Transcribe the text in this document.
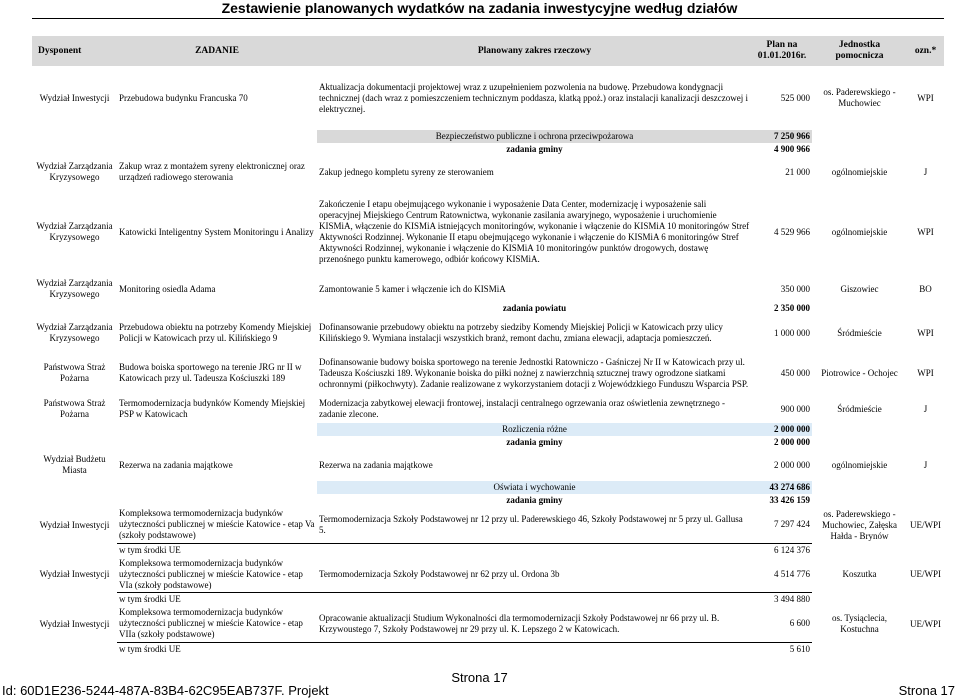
Zestawienie planowanych wydatków na zadania inwestycyjne według działów
Dysponent	ZADANIE	Planowany zakres rzeczowy	Plan na 01.01.2016r.	Jednostka pomocnicza	ozn.*
Wydział Inwestycji	Przebudowa budynku Francuska 70	Aktualizacja dokumentacji projektowej wraz z uzupełnieniem pozwolenia na budowę. Przebudowa kondygnacji technicznej (dach wraz z pomieszczeniem technicznym poddasza, klatką ppoż.) oraz instalacji kanalizacji deszczowej i elektrycznej.	525 000	os. Paderewskiego - Muchowiec	WPI
		Bezpieczeństwo publiczne i ochrona przeciwpożarowa	7 250 966		
		zadania gminy	4 900 966		
Wydział Zarządzania Kryzysowego	Zakup wraz z montażem syreny elektronicznej oraz urządzeń radiowego sterowania	Zakup jednego kompletu syreny ze sterowaniem	21 000	ogólnomiejskie	J
Wydział Zarządzania Kryzysowego	Katowicki Inteligentny System Monitoringu i Analizy	Zakończenie I etapu obejmującego wykonanie i wyposażenie Data Center, modernizację i wyposażenie sali operacyjnej Miejskiego Centrum Ratownictwa, wykonanie zasilania awaryjnego, wyposażenie i uruchomienie KISMiA, włączenie do KISMiA istniejących monitoringów, wykonanie i włączenie do KISMiA 10 monitoringów Stref Aktywności Rodzinnej. Wykonanie II etapu obejmującego wykonanie i włączenie do KISMiA 6 monitoringów Stref Aktywności Rodzinnej, wykonanie i włączenie do KISMiA 10 monitoringów punktów drogowych, dostawę przenośnego punktu kamerowego, odbiór końcowy KISMiA.	4 529 966	ogólnomiejskie	WPI
Wydział Zarządzania Kryzysowego	Monitoring osiedla Adama	Zamontowanie 5 kamer i włączenie ich do KISMiA	350 000	Giszowiec	BO
		zadania powiatu	2 350 000		
Wydział Zarządzania Kryzysowego	Przebudowa obiektu na potrzeby Komendy Miejskiej Policji w Katowicach przy ul. Kilińskiego 9	Dofinansowanie przebudowy obiektu na potrzeby siedziby Komendy Miejskiej Policji w Katowicach przy ulicy Kilińskiego 9. Wymiana instalacji wszystkich branż, remont dachu, zmiana elewacji, adaptacja pomieszczeń.	1 000 000	Śródmieście	WPI
Państwowa Straż Pożarna	Budowa boiska sportowego na terenie JRG nr II w Katowicach przy ul. Tadeusza Kościuszki 189	Dofinansowanie budowy boiska sportowego na terenie Jednostki Ratowniczo - Gaśniczej Nr II w Katowicach przy ul. Tadeusza Kościuszki 189. Wykonanie boiska do piłki nożnej z nawierzchnią sztucznej trawy ogrodzone siatkami ochronnymi (piłkochwyty). Zadanie realizowane z wykorzystaniem dotacji z Wojewódzkiego Funduszu Wsparcia PSP.	450 000	Piotrowice - Ochojec	WPI
Państwowa Straż Pożarna	Termomodernizacja budynków Komendy Miejskiej PSP w Katowicach	Modernizacja zabytkowej elewacji frontowej, instalacji centralnego ogrzewania oraz oświetlenia zewnętrznego - zadanie zlecone.	900 000	Śródmieście	J
		Rozliczenia różne	2 000 000		
		zadania gminy	2 000 000		
Wydział Budżetu Miasta	Rezerwa na zadania majątkowe	Rezerwa na zadania majątkowe	2 000 000	ogólnomiejskie	J
		Oświata i wychowanie	43 274 686		
		zadania gminy	33 426 159		
Wydział Inwestycji	Kompleksowa termomodernizacja budynków użyteczności publicznej w mieście Katowice - etap Va (szkoły podstawowe)	Termomodernizacja Szkoły Podstawowej nr 12 przy ul. Paderewskiego 46, Szkoły Podstawowej nr 5 przy ul. Gallusa 5.	7 297 424	os. Paderewskiego - Muchowiec, Załęska Hałda - Brynów	UE/WPI
	w tym środki UE		6 124 376		
Wydział Inwestycji	Kompleksowa termomodernizacja budynków użyteczności publicznej w mieście Katowice - etap VIa (szkoły podstawowe)	Termomodernizacja Szkoły Podstawowej nr 62 przy ul. Ordona 3b	4 514 776	Koszutka	UE/WPI
	w tym środki UE		3 494 880		
Wydział Inwestycji	Kompleksowa termomodernizacja budynków użyteczności publicznej w mieście Katowice - etap VIIa (szkoły podstawowe)	Opracowanie aktualizacji Studium Wykonalności dla termomodernizacji Szkoły Podstawowej nr 66 przy ul. B. Krzywoustego 7, Szkoły Podstawowej nr 29 przy ul. K. Lepszego 2 w Katowicach.	6 600	os. Tysiąclecia, Kostuchna	UE/WPI
	w tym środki UE		5 610		
Strona 17
Id: 60D1E236-5244-487A-83B4-62C95EAB737F. Projekt	Strona 17
